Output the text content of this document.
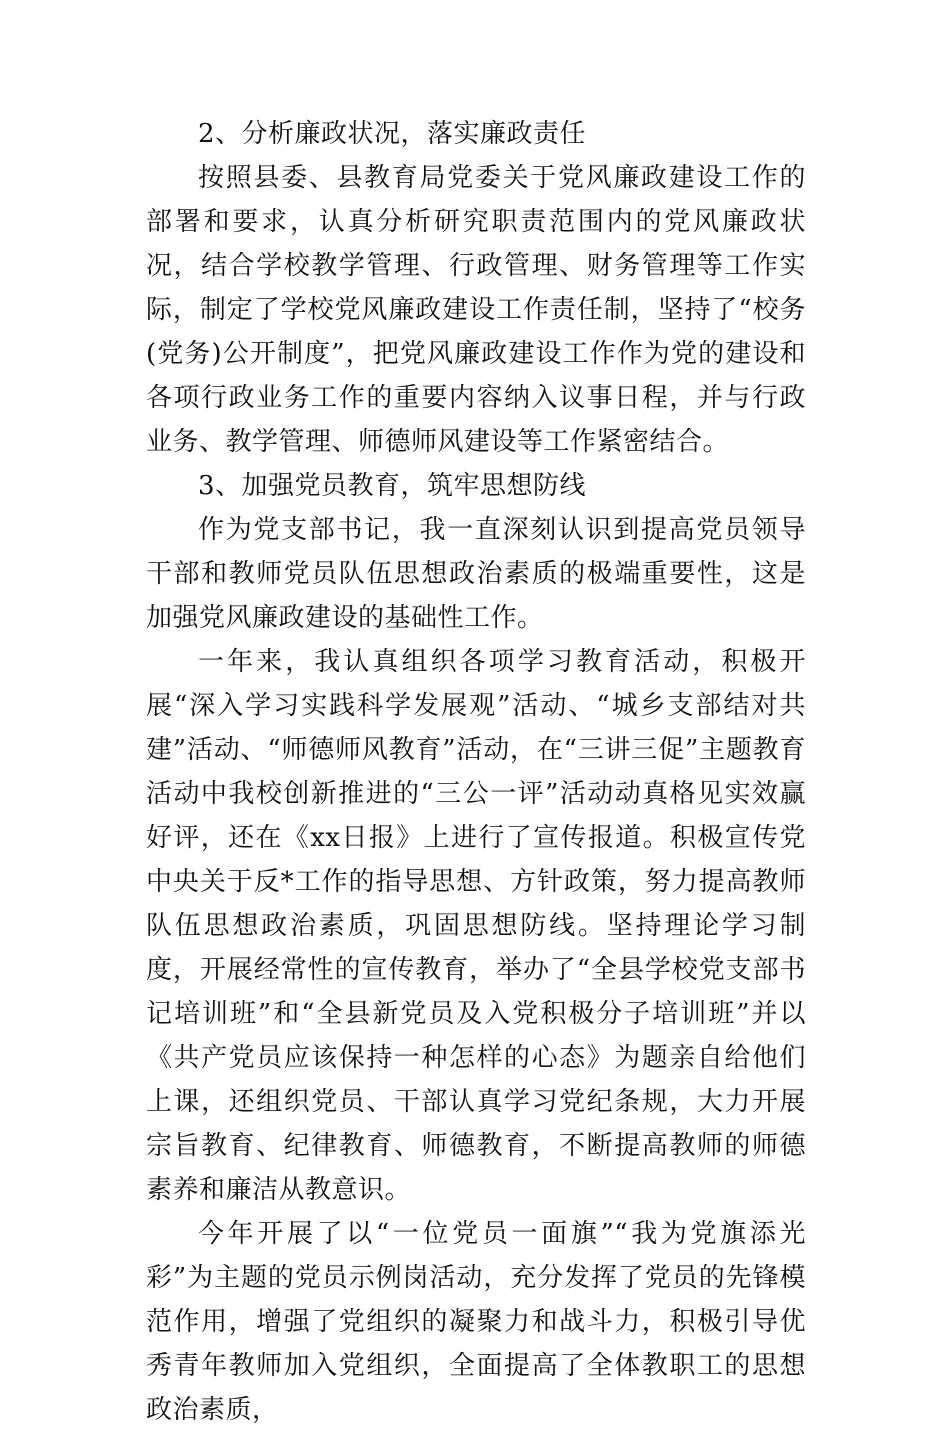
2、分析廉政状况，落实廉政责任

按照县委、县教育局党委关于党风廉政建设工作的部署和要求，认真分析研究职责范围内的党风廉政状况，结合学校教学管理、行政管理、财务管理等工作实际，制定了学校党风廉政建设工作责任制，坚持了“校务(党务)公开制度”，把党风廉政建设工作作为党的建设和各项行政业务工作的重要内容纳入议事日程，并与行政业务、教学管理、师德师风建设等工作紧密结合。

3、加强党员教育，筑牢思想防线

作为党支部书记，我一直深刻认识到提高党员领导干部和教师党员队伍思想政治素质的极端重要性，这是加强党风廉政建设的基础性工作。

一年来，我认真组织各项学习教育活动，积极开展“深入学习实践科学发展观”活动、“城乡支部结对共建”活动、“师德师风教育”活动，在“三讲三促”主题教育活动中我校创新推进的“三公一评”活动动真格见实效赢好评，还在《xx日报》上进行了宣传报道。积极宣传党中央关于反*工作的指导思想、方针政策，努力提高教师队伍思想政治素质，巩固思想防线。坚持理论学习制度，开展经常性的宣传教育，举办了“全县学校党支部书记培训班”和“全县新党员及入党积极分子培训班”并以《共产党员应该保持一种怎样的心态》为题亲自给他们上课，还组织党员、干部认真学习党纪条规，大力开展宗旨教育、纪律教育、师德教育，不断提高教师的师德素养和廉洁从教意识。

今年开展了以“一位党员一面旗”“我为党旗添光彩”为主题的党员示例岗活动，充分发挥了党员的先锋模范作用，增强了党组织的凝聚力和战斗力，积极引导优秀青年教师加入党组织，全面提高了全体教职工的思想政治素质，
